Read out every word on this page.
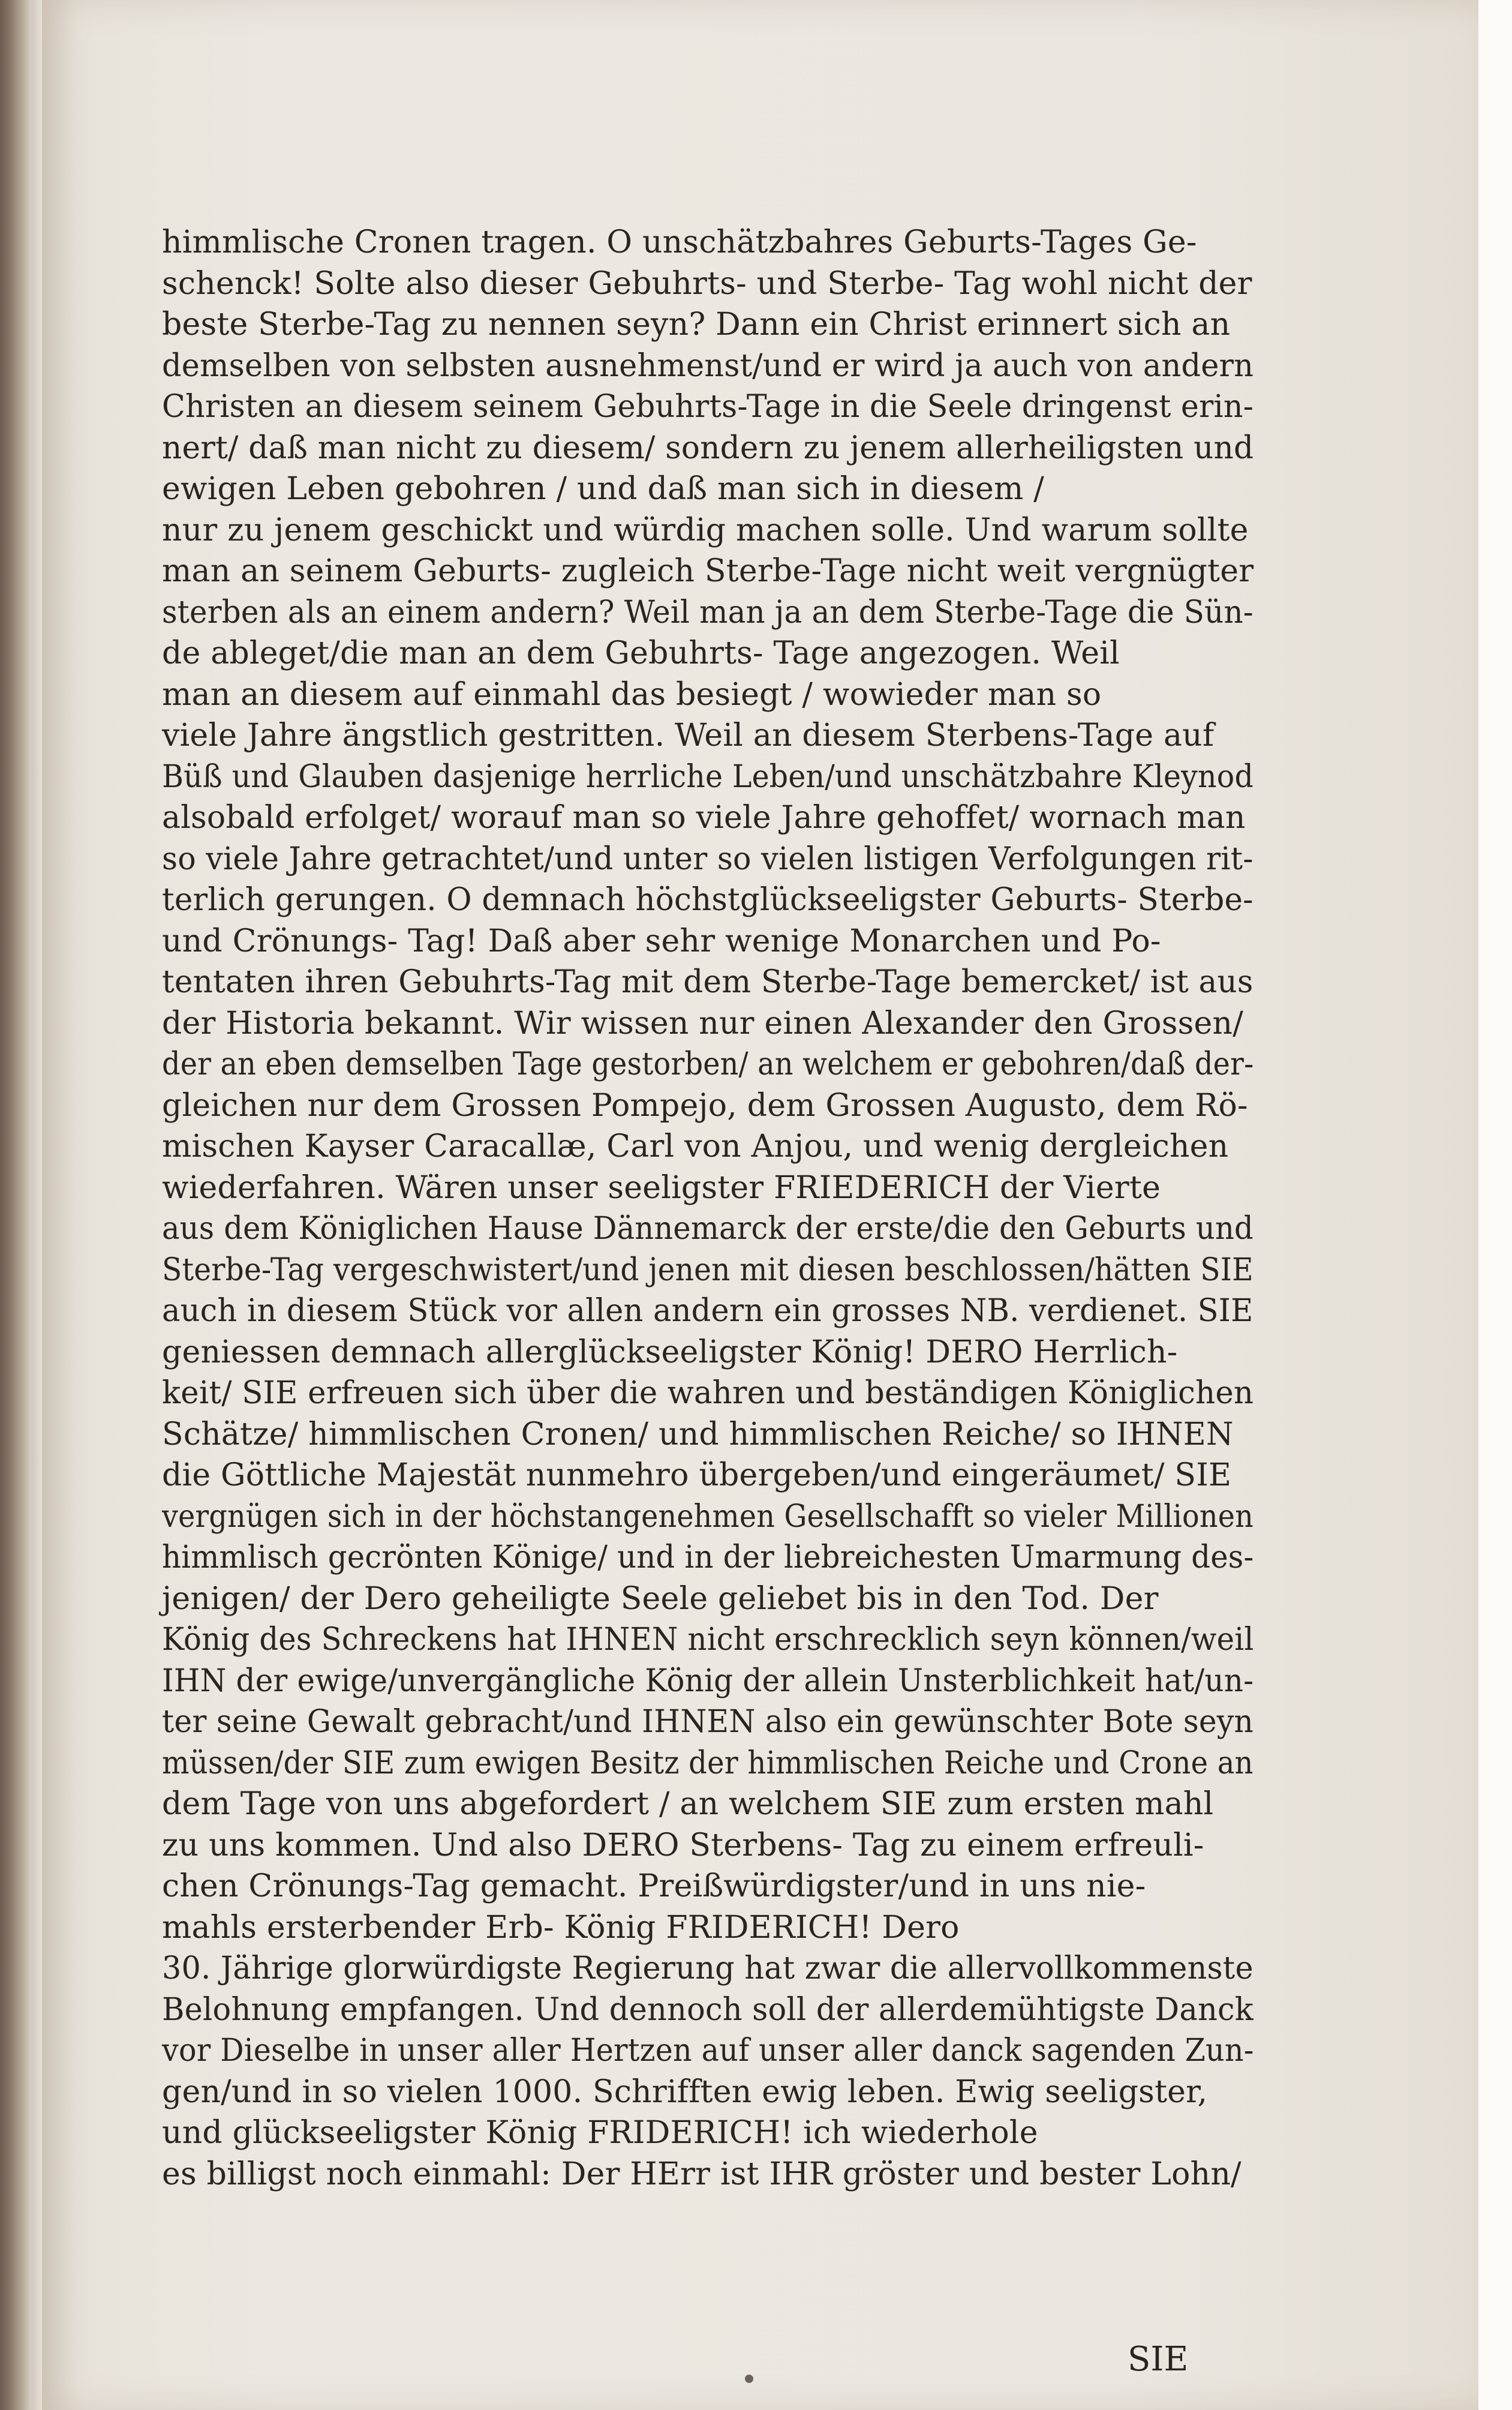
himmlische Cronen tragen. O unschätzbahres Geburts-Tages Ge-
schenck! Solte also dieser Gebuhrts- und Sterbe- Tag wohl nicht der
beste Sterbe-Tag zu nennen seyn? Dann ein Christ erinnert sich an
demselben von selbsten ausnehmenst/und er wird ja auch von andern
Christen an diesem seinem Gebuhrts-Tage in die Seele dringenst erin-
nert/ daß man nicht zu diesem/ sondern zu jenem allerheiligsten und
ewigen Leben gebohren / und daß man sich in diesem /
nur zu jenem geschickt und würdig machen solle. Und warum sollte
man an seinem Geburts- zugleich Sterbe-Tage nicht weit vergnügter
sterben als an einem andern? Weil man ja an dem Sterbe-Tage die Sün-
de ableget/die man an dem Gebuhrts- Tage angezogen. Weil
man an diesem auf einmahl das besiegt / wowieder man so
viele Jahre ängstlich gestritten. Weil an diesem Sterbens-Tage auf
Büß und Glauben dasjenige herrliche Leben/und unschätzbahre Kleynod
alsobald erfolget/ worauf man so viele Jahre gehoffet/ wornach man
so viele Jahre getrachtet/und unter so vielen listigen Verfolgungen rit-
terlich gerungen. O demnach höchstglückseeligster Geburts- Sterbe-
und Crönungs- Tag! Daß aber sehr wenige Monarchen und Po-
tentaten ihren Gebuhrts-Tag mit dem Sterbe-Tage bemercket/ ist aus
der Historia bekannt. Wir wissen nur einen Alexander den Grossen/
der an eben demselben Tage gestorben/ an welchem er gebohren/daß der-
gleichen nur dem Grossen Pompejo, dem Grossen Augusto, dem Rö-
mischen Kayser Caracallæ, Carl von Anjou, und wenig dergleichen
wiederfahren. Wären unser seeligster FRIEDERICH der Vierte
aus dem Königlichen Hause Dännemarck der erste/die den Geburts und
Sterbe-Tag vergeschwistert/und jenen mit diesen beschlossen/hätten SIE
auch in diesem Stück vor allen andern ein grosses NB. verdienet. SIE
geniessen demnach allerglückseeligster König! DERO Herrlich-
keit/ SIE erfreuen sich über die wahren und beständigen Königlichen
Schätze/ himmlischen Cronen/ und himmlischen Reiche/ so IHNEN
die Göttliche Majestät nunmehro übergeben/und eingeräumet/ SIE
vergnügen sich in der höchstangenehmen Gesellschafft so vieler Millionen
himmlisch gecrönten Könige/ und in der liebreichesten Umarmung des-
jenigen/ der Dero geheiligte Seele geliebet bis in den Tod. Der
König des Schreckens hat IHNEN nicht erschrecklich seyn können/weil
IHN der ewige/unvergängliche König der allein Unsterblichkeit hat/un-
ter seine Gewalt gebracht/und IHNEN also ein gewünschter Bote seyn
müssen/der SIE zum ewigen Besitz der himmlischen Reiche und Crone an
dem Tage von uns abgefordert / an welchem SIE zum ersten mahl
zu uns kommen. Und also DERO Sterbens- Tag zu einem erfreuli-
chen Crönungs-Tag gemacht. Preißwürdigster/und in uns nie-
mahls ersterbender Erb- König FRIDERICH! Dero
30. Jährige glorwürdigste Regierung hat zwar die allervollkommenste
Belohnung empfangen. Und dennoch soll der allerdemühtigste Danck
vor Dieselbe in unser aller Hertzen auf unser aller danck sagenden Zun-
gen/und in so vielen 1000. Schrifften ewig leben. Ewig seeligster,
und glückseeligster König FRIDERICH! ich wiederhole
es billigst noch einmahl: Der HErr ist IHR gröster und bester Lohn/
SIE
